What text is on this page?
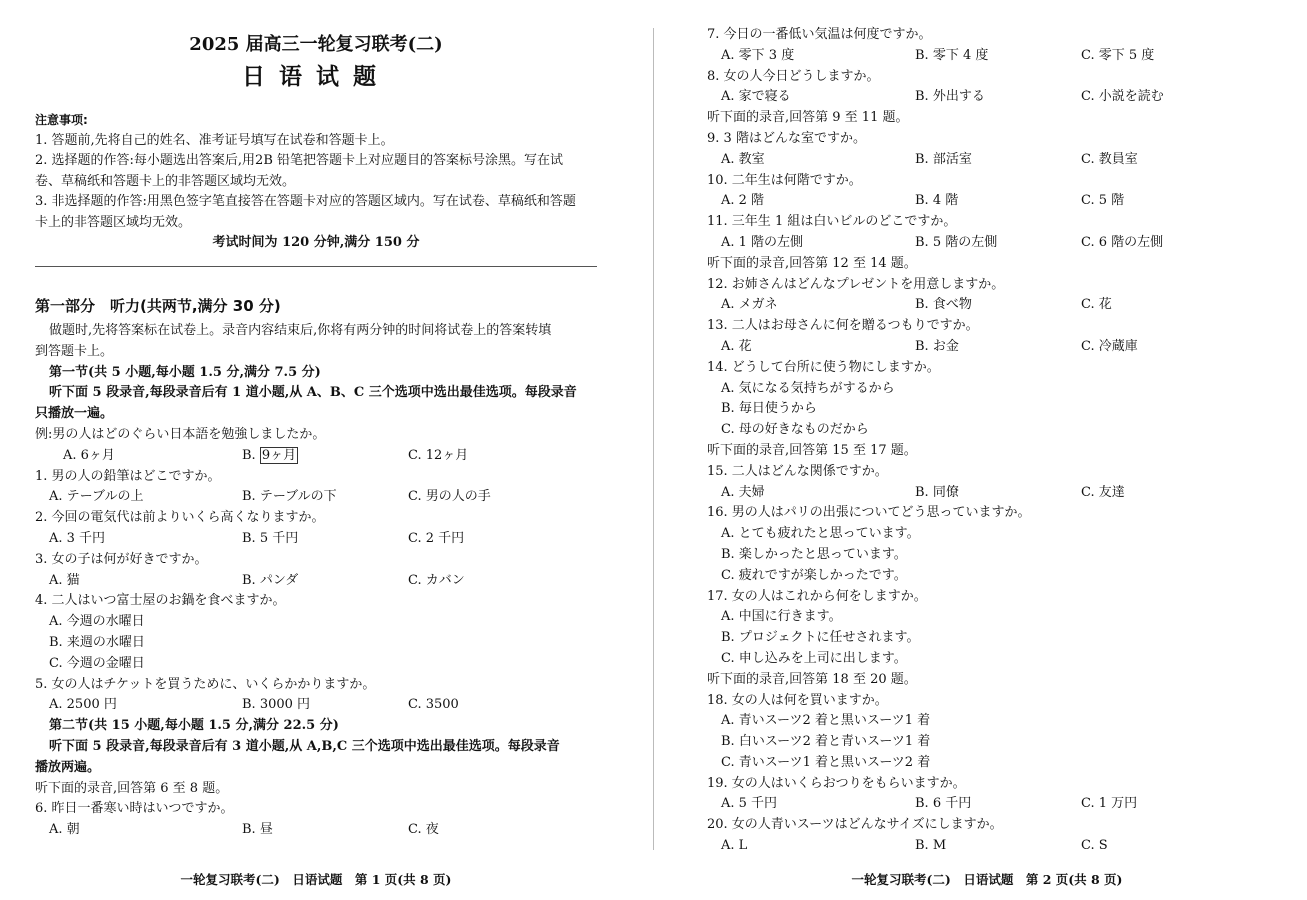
2025 届高三一轮复习联考(二)
日语试题
注意事项:
1. 答题前,先将自己的姓名、准考证号填写在试卷和答题卡上。
2. 选择题的作答:每小题选出答案后,用2B 铅笔把答题卡上对应题目的答案标号涂黑。写在试
卷、草稿纸和答题卡上的非答题区域均无效。
3. 非选择题的作答:用黑色签字笔直接答在答题卡对应的答题区域内。写在试卷、草稿纸和答题
卡上的非答题区域均无效。
考试时间为 120 分钟,满分 150 分
第一部分　听力(共两节,满分 30 分)
做题时,先将答案标在试卷上。录音内容结束后,你将有两分钟的时间将试卷上的答案转填
到答题卡上。
第一节(共 5 小题,每小题 1.5 分,满分 7.5 分)
听下面 5 段录音,每段录音后有 1 道小题,从 A、B、C 三个选项中选出最佳选项。每段录音
只播放一遍。
例:男の人はどのぐらい日本語を勉強しましたか。
A. 6ヶ月	B. 9ヶ月	C. 12ヶ月
1. 男の人の鉛筆はどこですか。
A. テーブルの上	B. テーブルの下	C. 男の人の手
2. 今回の電気代は前よりいくら高くなりますか。
A. 3 千円	B. 5 千円	C. 2 千円
3. 女の子は何が好きですか。
A. 猫	B. パンダ	C. カバン
4. 二人はいつ富士屋のお鍋を食べますか。
A. 今週の水曜日
B. 来週の水曜日
C. 今週の金曜日
5. 女の人はチケットを買うために、いくらかかりますか。
A. 2500 円	B. 3000 円	C. 3500
第二节(共 15 小题,每小题 1.5 分,满分 22.5 分)
听下面 5 段录音,每段录音后有 3 道小题,从 A,B,C 三个选项中选出最佳选项。每段录音
播放两遍。
听下面的录音,回答第 6 至 8 题。
6. 昨日一番寒い時はいつですか。
A. 朝	B. 昼	C. 夜
一轮复习联考(二)　日语试题　第 1 页(共 8 页)
7. 今日の一番低い気温は何度ですか。
A. 零下 3 度	B. 零下 4 度	C. 零下 5 度
8. 女の人今日どうしますか。
A. 家で寝る	B. 外出する	C. 小説を読む
听下面的录音,回答第 9 至 11 题。
9. 3 階はどんな室ですか。
A. 教室	B. 部活室	C. 教員室
10. 二年生は何階ですか。
A. 2 階	B. 4 階	C. 5 階
11. 三年生 1 組は白いビルのどこですか。
A. 1 階の左側	B. 5 階の左側	C. 6 階の左側
听下面的录音,回答第 12 至 14 题。
12. お姉さんはどんなプレゼントを用意しますか。
A. メガネ	B. 食べ物	C. 花
13. 二人はお母さんに何を贈るつもりですか。
A. 花	B. お金	C. 冷蔵庫
14. どうして台所に使う物にしますか。
A. 気になる気持ちがするから
B. 毎日使うから
C. 母の好きなものだから
听下面的录音,回答第 15 至 17 题。
15. 二人はどんな関係ですか。
A. 夫婦	B. 同僚	C. 友達
16. 男の人はパリの出張についてどう思っていますか。
A. とても疲れたと思っています。
B. 楽しかったと思っています。
C. 疲れですが楽しかったです。
17. 女の人はこれから何をしますか。
A. 中国に行きます。
B. プロジェクトに任せされます。
C. 申し込みを上司に出します。
听下面的录音,回答第 18 至 20 题。
18. 女の人は何を買いますか。
A. 青いスーツ2 着と黒いスーツ1 着
B. 白いスーツ2 着と青いスーツ1 着
C. 青いスーツ1 着と黒いスーツ2 着
19. 女の人はいくらおつりをもらいますか。
A. 5 千円	B. 6 千円	C. 1 万円
20. 女の人青いスーツはどんなサイズにしますか。
A. L	B. M	C. S
一轮复习联考(二)　日语试题　第 2 页(共 8 页)
